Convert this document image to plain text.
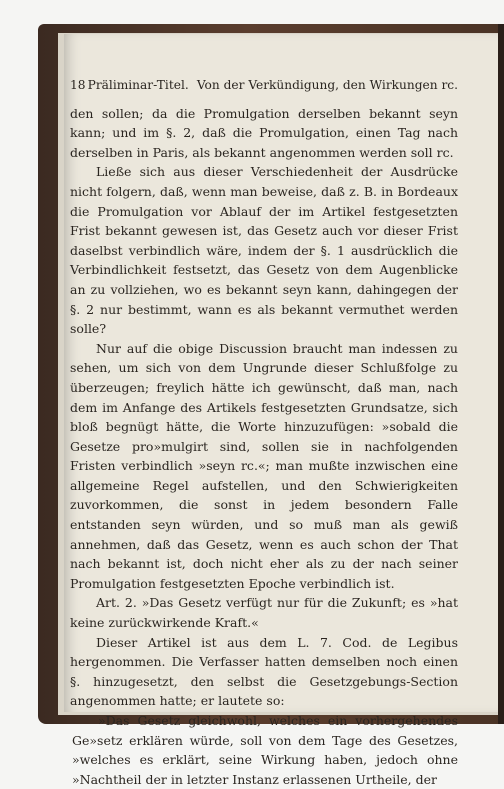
18 Präliminar-Titel. Von der Verkündigung, den Wirkungen rc.

den sollen; da die Promulgation derselben bekannt seyn kann; und im §. 2, daß die Promulgation, einen Tag nach derselben in Paris, als bekannt angenommen werden soll rc.

Ließe sich aus dieser Verschiedenheit der Ausdrücke nicht folgern, daß, wenn man beweise, daß z. B. in Bordeaux die Promulgation vor Ablauf der im Artikel festgesetzten Frist bekannt gewesen ist, das Gesetz auch vor dieser Frist daselbst verbindlich wäre, indem der §. 1 ausdrücklich die Verbindlichkeit festsetzt, das Gesetz von dem Augenblicke an zu vollziehen, wo es bekannt seyn kann, dahingegen der §. 2 nur bestimmt, wann es als bekannt vermuthet werden solle?

Nur auf die obige Discussion braucht man indessen zu sehen, um sich von dem Ungrunde dieser Schlußfolge zu überzeugen; freylich hätte ich gewünscht, daß man, nach dem im Anfange des Artikels festgesetzten Grundsatze, sich bloß begnügt hätte, die Worte hinzuzufügen: »sobald die Gesetze pro»mulgirt sind, sollen sie in nachfolgenden Fristen verbindlich »seyn rc.«; man mußte inzwischen eine allgemeine Regel aufstellen, und den Schwierigkeiten zuvorkommen, die sonst in jedem besondern Falle entstanden seyn würden, und so muß man als gewiß annehmen, daß das Gesetz, wenn es auch schon der That nach bekannt ist, doch nicht eher als zu der nach seiner Promulgation festgesetzten Epoche verbindlich ist.

Art. 2. »Das Gesetz verfügt nur für die Zukunft; es »hat keine zurückwirkende Kraft.«

Dieser Artikel ist aus dem L. 7. Cod. de Legibus hergenommen. Die Verfasser hatten demselben noch einen §. hinzugesetzt, den selbst die Gesetzgebungs-Section angenommen hatte; er lautete so:

»Das Gesetz gleichwohl, welches ein vorhergehendes Ge»setz erklären würde, soll von dem Tage des Gesetzes, »welches es erklärt, seine Wirkung haben, jedoch ohne »Nachtheil der in letzter Instanz erlassenen Urtheile, der
